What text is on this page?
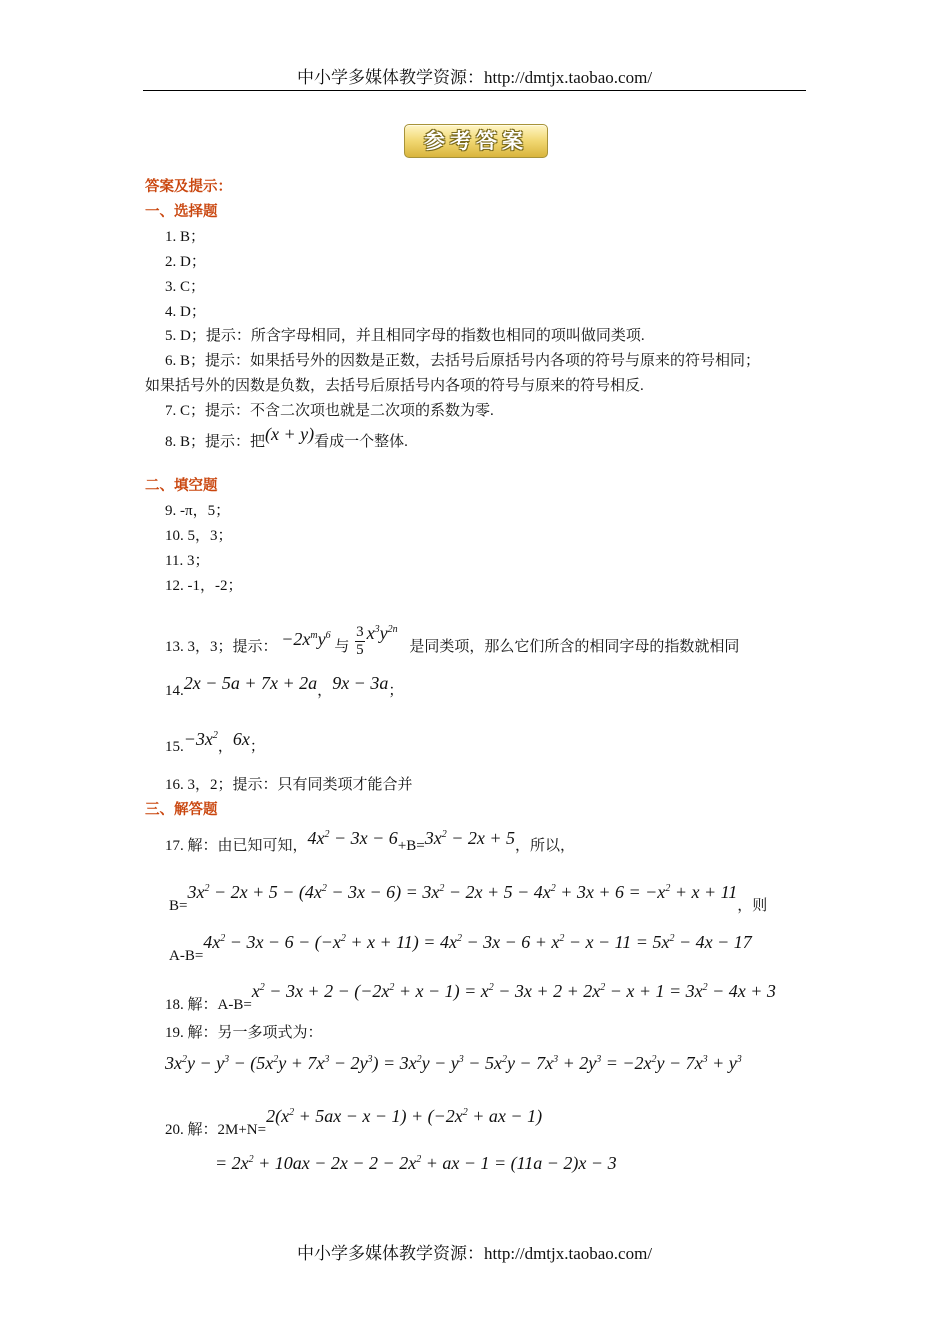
中小学多媒体教学资源：http://dmtjx.taobao.com/
参考答案
答案及提示：
一、选择题
1. B；
2. D；
3. C；
4. D；
5. D；提示：所含字母相同，并且相同字母的指数也相同的项叫做同类项.
6. B；提示：如果括号外的因数是正数，去括号后原括号内各项的符号与原来的符号相同；
如果括号外的因数是负数，去括号后原括号内各项的符号与原来的符号相反.
7. C；提示：不含二次项也就是二次项的系数为零.
8. B；提示：把(x + y)看成一个整体.
二、填空题
9. -π，5；
10. 5，3；
11. 3；
12. -1，-2；
13. 3，3；提示： $-2x^my^6$ 与 $\frac{3}{5} x^3y^{2n}$ 是同类项，那么它们所含的相同字母的指数就相同
14.2x − 5a + 7x + 2a，9x − 3a；
$15.-3x^2$，6x；
16. 3，2；提示：只有同类项才能合并
三、解答题
17. 解：由已知可知，$4x^2 - 3x - 6+B=3x^2 - 2x + 5$，所以，
$B=3x^2 - 2x + 5 - (4x^2 - 3x - 6) = 3x^2 - 2x + 5 - 4x^2 + 3x + 6 = -x^2 + x + 11$，则
$A-B=4x^2 - 3x - 6 - (-x^2 + x + 11) = 4x^2 - 3x - 6 + x^2 - x - 11 = 5x^2 - 4x - 17$
18. 解：$A-B=x^2 - 3x + 2 - (-2x^2 + x - 1) = x^2 - 3x + 2 + 2x^2 - x + 1 = 3x^2 - 4x + 3$
19. 解：另一多项式为：
$3x^2y - y^3 - (5x^2y + 7x^3 - 2y^3) = 3x^2y - y^3 - 5x^2y - 7x^3 + 2y^3 = -2x^2y - 7x^3 + y^3$
20. 解：$2M+N=2(x^2 + 5ax - x - 1) + (-2x^2$ + ax − 1)
= $2x^2 + 10ax - 2x - 2 - 2x^2$ + ax − 1 = (11a − 2)x − 3
中小学多媒体教学资源：http://dmtjx.taobao.com/
